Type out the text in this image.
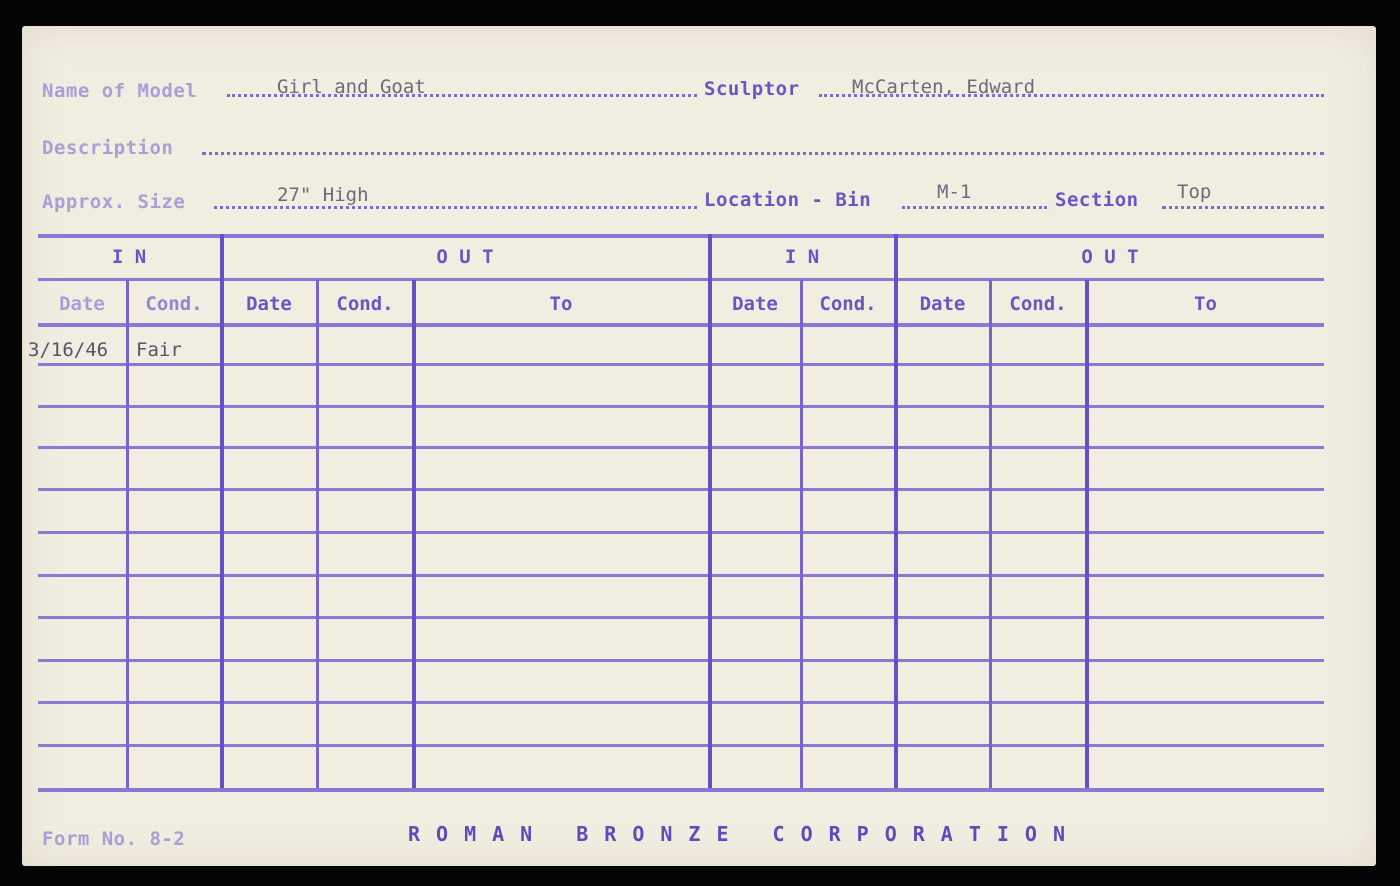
Name of Model	Girl and Goat	Sculptor	McCarten, Edward
Description
Approx. Size	27" High	Location - Bin	M-1	Section Top
I N	O U T	I N	O U T
Date	Cond.	Date	Cond.	To	Date	Cond.	Date	Cond.	To
3/16/46 Fair
Form No. 8-2	ROMAN BRONZE CORPORATION
